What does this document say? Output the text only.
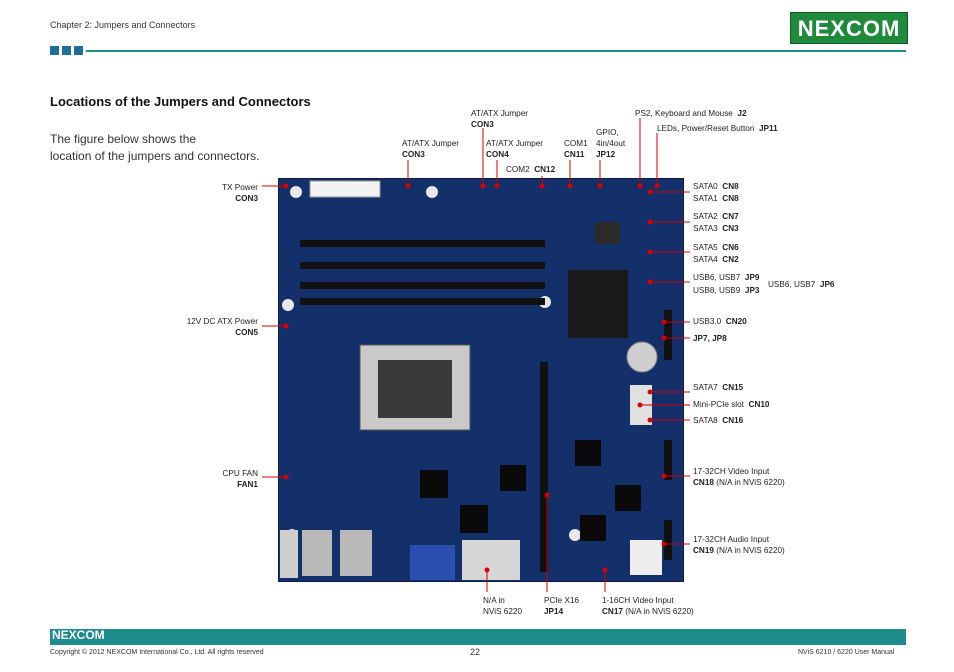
Chapter 2: Jumpers and Connectors	NEXCOM
Locations of the Jumpers and Connectors
The figure below shows the
location of the jumpers and connectors.
AT/ATX Jumper
CON3
AT/ATX Jumper
CON3
AT/ATX Jumper
CON4
COM2 CN12
COM1
CN11
GPIO,
4in/4out
JP12
PS2, Keyboard and Mouse J2
LEDs, Power/Reset Button JP11
TX Power
CON3
12V DC ATX Power
CON5
CPU FAN
FAN1
SATA0 CN8
SATA1 CN8
SATA2 CN7
SATA3 CN3
SATA5 CN6
SATA4 CN2
USB6, USB7 JP9
USB6, USB7 JP6
USB8, USB9 JP3
USB3.0 CN20
JP7, JP8
SATA7 CN15
Mini-PCIe slot CN10
SATA8 CN16
17-32CH Video Input
CN18 (N/A in NViS 6220)
17-32CH Audio Input
CN19 (N/A in NViS 6220)
N/A in
NViS 6220
PCIe X16
JP14
1-16CH Video Input
CN17 (N/A in NViS 6220)
NEXCOM
Copyright © 2012 NEXCOM International Co., Ltd. All rights reserved	22	NViS 6210 / 6220 User Manual
